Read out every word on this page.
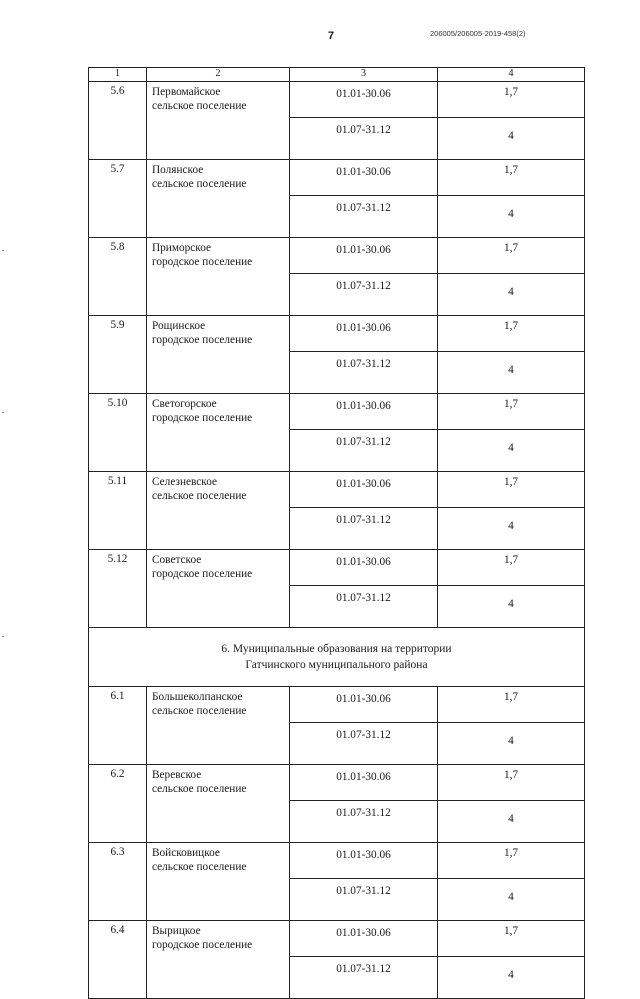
7	206005/206005-2019-458(2)
1	2	3	4
5.6	Первомайское
сельское поселение	01.01-30.06	1,7
		01.07-31.12	4
5.7	Полянское
сельское поселение	01.01-30.06	1,7
		01.07-31.12	4
5.8	Приморское
городское поселение	01.01-30.06	1,7
		01.07-31.12	4
5.9	Рощинское
городское поселение	01.01-30.06	1,7
		01.07-31.12	4
5.10	Светогорское
городское поселение	01.01-30.06	1,7
		01.07-31.12	4
5.11	Селезневское
сельское поселение	01.01-30.06	1,7
		01.07-31.12	4
5.12	Советское
городское поселение	01.01-30.06	1,7
		01.07-31.12	4

6. Муниципальные образования на территории
Гатчинского муниципального района			

6.1	Большеколпанское
сельское поселение	01.01-30.06	1,7
		01.07-31.12	4
6.2	Веревское
сельское поселение	01.01-30.06	1,7
		01.07-31.12	4
6.3	Войсковицкое
сельское поселение	01.01-30.06	1,7
		01.07-31.12	4
6.4	Вырицкое
городское поселение	01.01-30.06	1,7
		01.07-31.12	4
